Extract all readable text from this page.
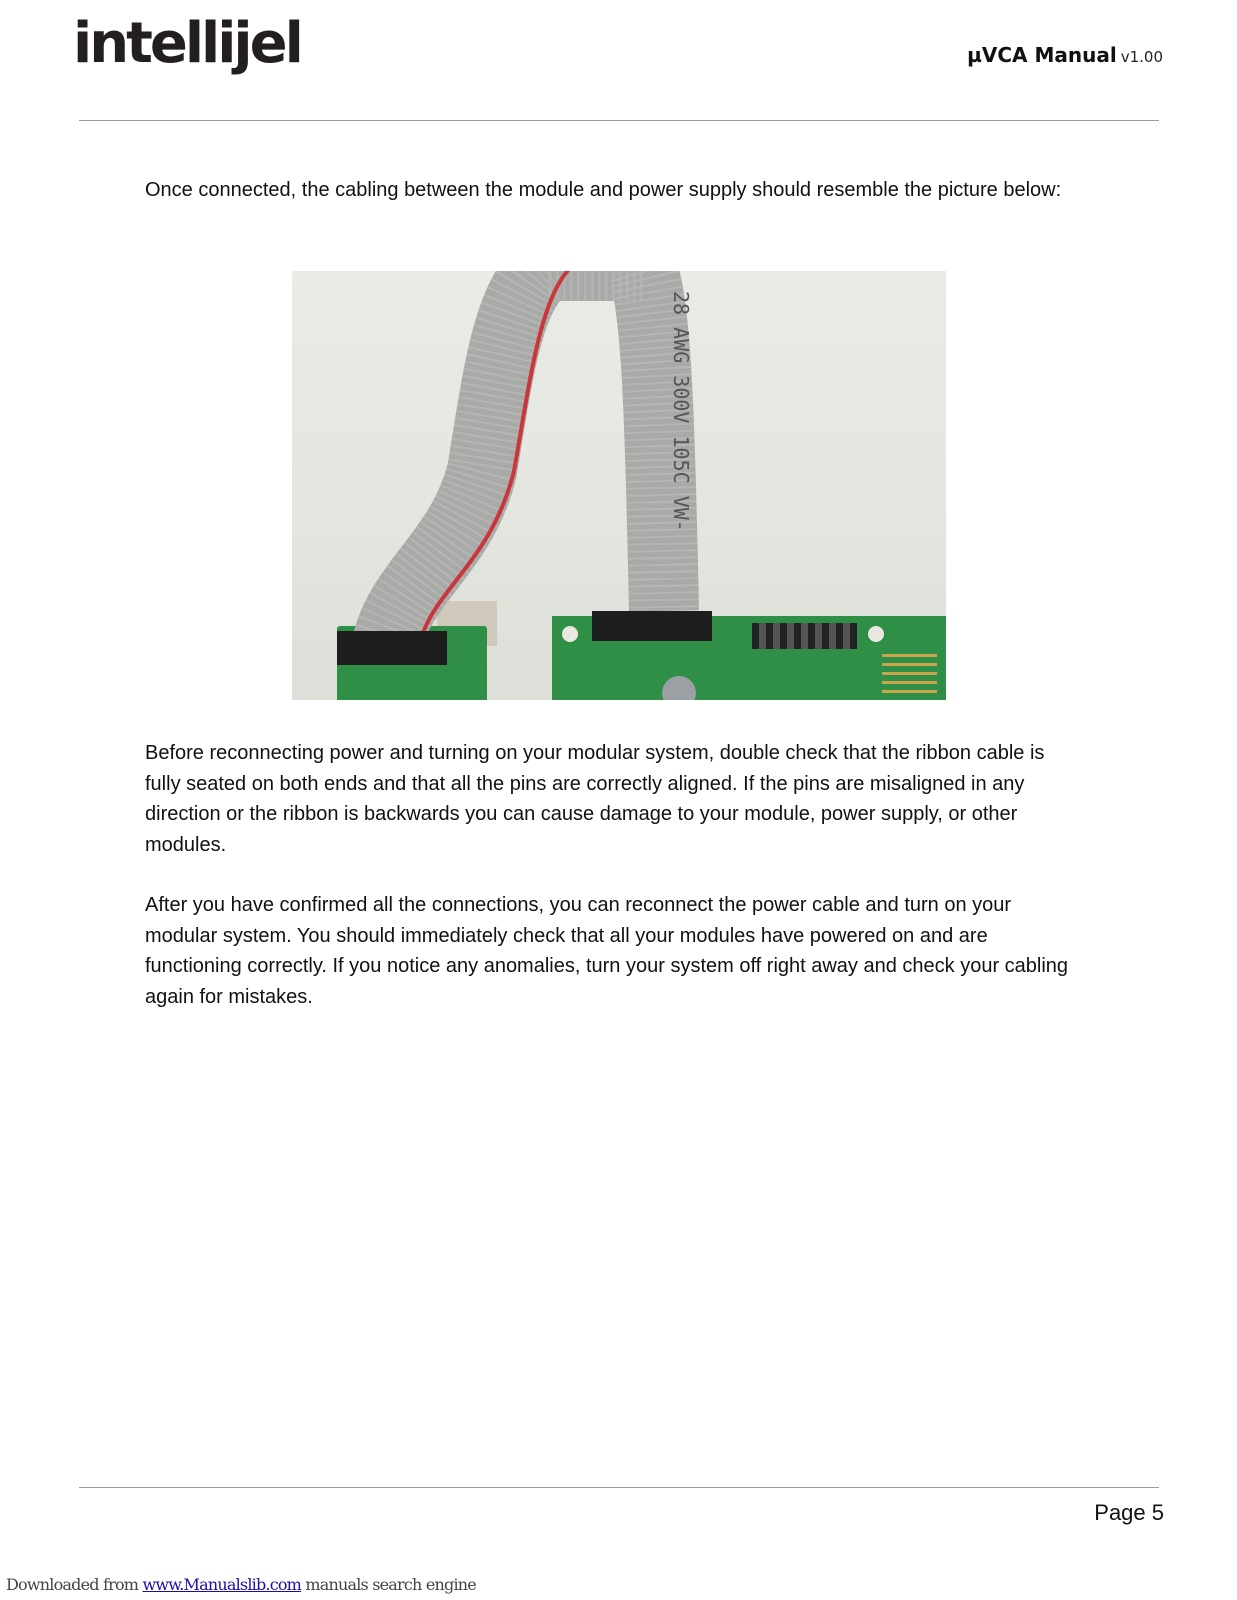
intellijel	µVCA Manual v1.00

Once connected, the cabling between the module and power supply should resemble the picture below:

28 AWG 300V 105C VW-

Before reconnecting power and turning on your modular system, double check that the ribbon cable is fully seated on both ends and that all the pins are correctly aligned. If the pins are misaligned in any direction or the ribbon is backwards you can cause damage to your module, power supply, or other modules.

After you have confirmed all the connections, you can reconnect the power cable and turn on your modular system. You should immediately check that all your modules have powered on and are functioning correctly. If you notice any anomalies, turn your system off right away and check your cabling again for mistakes.

Page 5
Downloaded from www.Manualslib.com manuals search engine
